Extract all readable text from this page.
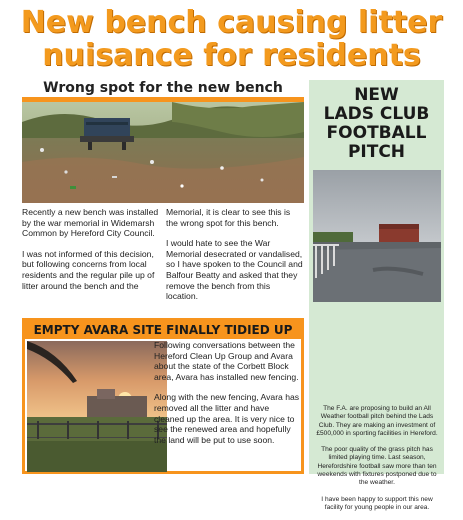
New bench causing litter
nuisance for residents
Wrong spot for the new bench

Recently a new bench was installed by the war memorial in Widemarsh Common by Hereford City Council.

I was not informed of this decision, but following concerns from local residents and the regular pile up of litter around the bench and the

Memorial, it is clear to see this is the wrong spot for this bench.

I would hate to see the War Memorial desecrated or vandalised, so I have spoken to the Council and Balfour Beatty and asked that they remove the bench from this location.

EMPTY AVARA SITE FINALLY TIDIED UP

Following conversations between the Hereford Clean Up Group and Avara about the state of the Corbett Block area, Avara has installed new fencing.

Along with the new fencing, Avara has removed all the litter and have cleaned up the area. It is very nice to see the renewed area and hopefully the land will be put to use soon.

NEW
LADS CLUB
FOOTBALL
PITCH

The F.A. are proposing to build an All Weather football pitch behind the Lads Club. They are making an investment of £500,000 in sporting facilities in Hereford.

The poor quality of the grass pitch has limited playing time. Last season, Herefordshire football saw more than ten weekends with fixtures postponed due to the weather.

I have been happy to support this new facility for young people in our area.
